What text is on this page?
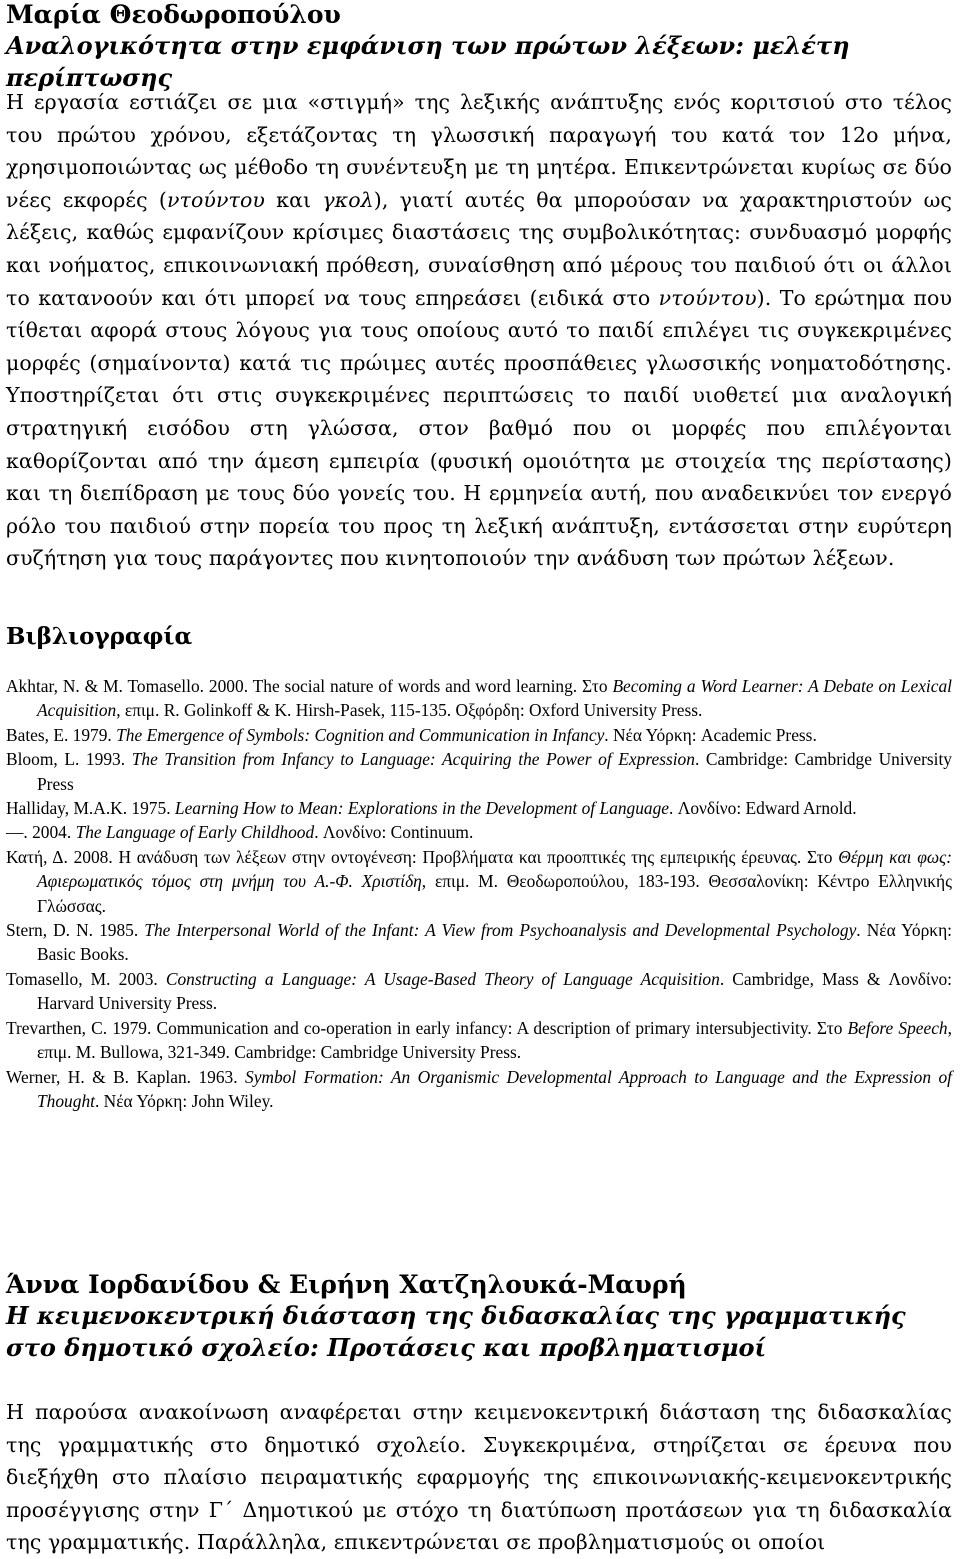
Μαρία Θεοδωροπούλου
Αναλογικότητα στην εμφάνιση των πρώτων λέξεων: μελέτη περίπτωσης

Η εργασία εστιάζει σε μια «στιγμή» της λεξικής ανάπτυξης ενός κοριτσιού στο τέλος του πρώτου χρόνου, εξετάζοντας τη γλωσσική παραγωγή του κατά τον 12ο μήνα, χρησιμοποιώντας ως μέθοδο τη συνέντευξη με τη μητέρα. Επικεντρώνεται κυρίως σε δύο νέες εκφορές (ντούντου και γκολ), γιατί αυτές θα μπορούσαν να χαρακτηριστούν ως λέξεις, καθώς εμφανίζουν κρίσιμες διαστάσεις της συμβολικότητας: συνδυασμό μορφής και νοήματος, επικοινωνιακή πρόθεση, συναίσθηση από μέρους του παιδιού ότι οι άλλοι το κατανοούν και ότι μπορεί να τους επηρεάσει (ειδικά στο ντούντου). Το ερώτημα που τίθεται αφορά στους λόγους για τους οποίους αυτό το παιδί επιλέγει τις συγκεκριμένες μορφές (σημαίνοντα) κατά τις πρώιμες αυτές προσπάθειες γλωσσικής νοηματοδότησης. Υποστηρίζεται ότι στις συγκεκριμένες περιπτώσεις το παιδί υιοθετεί μια αναλογική στρατηγική εισόδου στη γλώσσα, στον βαθμό που οι μορφές που επιλέγονται καθορίζονται από την άμεση εμπειρία (φυσική ομοιότητα με στοιχεία της περίστασης) και τη διεπίδραση με τους δύο γονείς του. Η ερμηνεία αυτή, που αναδεικνύει τον ενεργό ρόλο του παιδιού στην πορεία του προς τη λεξική ανάπτυξη, εντάσσεται στην ευρύτερη συζήτηση για τους παράγοντες που κινητοποιούν την ανάδυση των πρώτων λέξεων.

Βιβλιογραφία
Akhtar, N. & M. Tomasello. 2000. The social nature of words and word learning. Στο Becoming a Word Learner: A Debate on Lexical Acquisition, επιμ. R. Golinkoff & K. Hirsh-Pasek, 115-135. Οξφόρδη: Oxford University Press.
Bates, E. 1979. The Emergence of Symbols: Cognition and Communication in Infancy. Νέα Υόρκη: Academic Press.
Bloom, L. 1993. The Transition from Infancy to Language: Acquiring the Power of Expression. Cambridge: Cambridge University Press
Halliday, M.A.K. 1975. Learning How to Mean: Explorations in the Development of Language. Λονδίνο: Edward Arnold.
—. 2004. The Language of Early Childhood. Λονδίνο: Continuum.
Κατή, Δ. 2008. Η ανάδυση των λέξεων στην οντογένεση: Προβλήματα και προοπτικές της εμπειρικής έρευνας. Στο Θέρμη και φως: Αφιερωματικός τόμος στη μνήμη του Α.-Φ. Χριστίδη, επιμ. Μ. Θεοδωροπούλου, 183-193. Θεσσαλονίκη: Κέντρο Ελληνικής Γλώσσας.
Stern, D. N. 1985. The Interpersonal World of the Infant: A View from Psychoanalysis and Developmental Psychology. Νέα Υόρκη: Basic Books.
Tomasello, M. 2003. Constructing a Language: A Usage-Based Theory of Language Acquisition. Cambridge, Mass & Λονδίνο: Harvard University Press.
Trevarthen, C. 1979. Communication and co-operation in early infancy: A description of primary intersubjectivity. Στο Before Speech, επιμ. M. Bullowa, 321-349. Cambridge: Cambridge University Press.
Werner, H. & B. Kaplan. 1963. Symbol Formation: An Organismic Developmental Approach to Language and the Expression of Thought. Νέα Υόρκη: John Wiley.
Άννα Ιορδανίδου & Ειρήνη Χατζηλουκά-Μαυρή
Η κειμενοκεντρική διάσταση της διδασκαλίας της γραμματικής
στο δημοτικό σχολείο: Προτάσεις και προβληματισμοί

Η παρούσα ανακοίνωση αναφέρεται στην κειμενοκεντρική διάσταση της διδασκαλίας της γραμματικής στο δημοτικό σχολείο. Συγκεκριμένα, στηρίζεται σε έρευνα που διεξήχθη στο πλαίσιο πειραματικής εφαρμογής της επικοινωνιακής-κειμενοκεντρικής προσέγγισης στην Γ΄ Δημοτικού με στόχο τη διατύπωση προτάσεων για τη διδασκαλία της γραμματικής. Παράλληλα, επικεντρώνεται σε προβληματισμούς οι οποίοι
